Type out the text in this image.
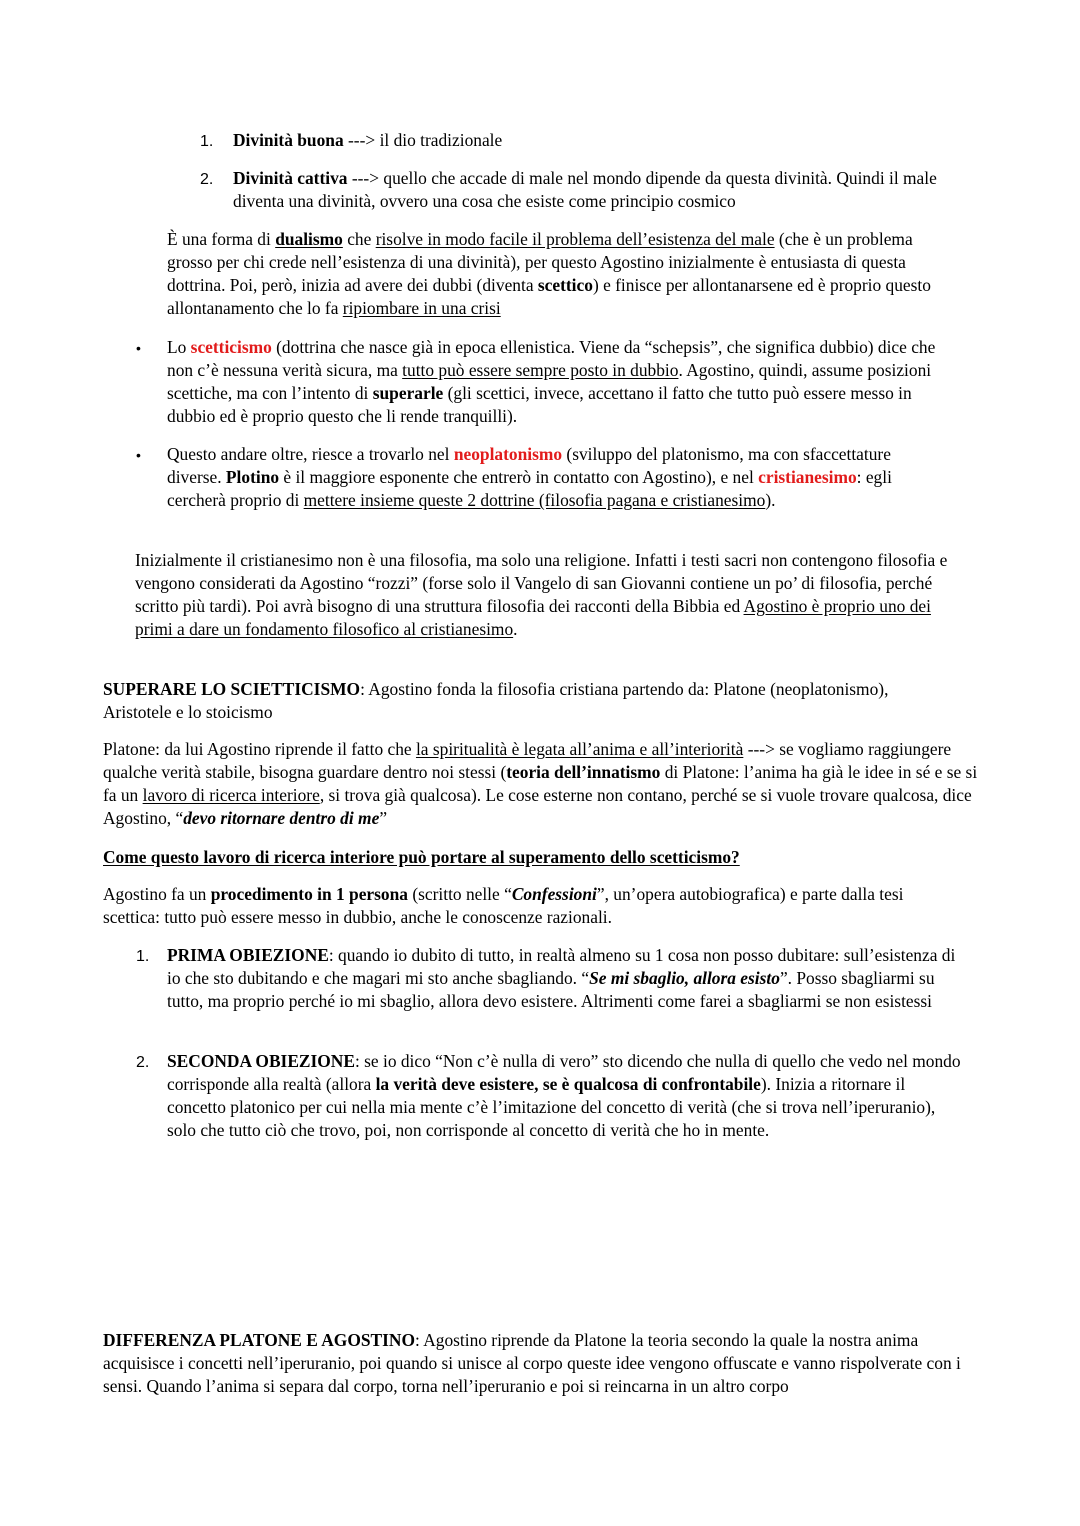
1. Divinità buona ---> il dio tradizionale

2. Divinità cattiva ---> quello che accade di male nel mondo dipende da questa divinità. Quindi il male diventa una divinità, ovvero una cosa che esiste come principio cosmico

È una forma di dualismo che risolve in modo facile il problema dell’esistenza del male (che è un problema grosso per chi crede nell’esistenza di una divinità), per questo Agostino inizialmente è entusiasta di questa dottrina. Poi, però, inizia ad avere dei dubbi (diventa scettico) e finisce per allontanarsene ed è proprio questo allontanamento che lo fa ripiombare in una crisi

• Lo scetticismo (dottrina che nasce già in epoca ellenistica. Viene da “schepsis”, che significa dubbio) dice che non c’è nessuna verità sicura, ma tutto può essere sempre posto in dubbio. Agostino, quindi, assume posizioni scettiche, ma con l’intento di superarle (gli scettici, invece, accettano il fatto che tutto può essere messo in dubbio ed è proprio questo che li rende tranquilli).

• Questo andare oltre, riesce a trovarlo nel neoplatonismo (sviluppo del platonismo, ma con sfaccettature diverse. Plotino è il maggiore esponente che entrerò in contatto con Agostino), e nel cristianesimo: egli cercherà proprio di mettere insieme queste 2 dottrine (filosofia pagana e cristianesimo).

Inizialmente il cristianesimo non è una filosofia, ma solo una religione. Infatti i testi sacri non contengono filosofia e vengono considerati da Agostino “rozzi” (forse solo il Vangelo di san Giovanni contiene un po’ di filosofia, perché scritto più tardi). Poi avrà bisogno di una struttura filosofia dei racconti della Bibbia ed Agostino è proprio uno dei primi a dare un fondamento filosofico al cristianesimo.

SUPERARE LO SCIETTICISMO: Agostino fonda la filosofia cristiana partendo da: Platone (neoplatonismo), Aristotele e lo stoicismo

Platone: da lui Agostino riprende il fatto che la spiritualità è legata all’anima e all’interiorità ---> se vogliamo raggiungere qualche verità stabile, bisogna guardare dentro noi stessi (teoria dell’innatismo di Platone: l’anima ha già le idee in sé e se si fa un lavoro di ricerca interiore, si trova già qualcosa). Le cose esterne non contano, perché se si vuole trovare qualcosa, dice Agostino, “devo ritornare dentro di me”

Come questo lavoro di ricerca interiore può portare al superamento dello scetticismo?

Agostino fa un procedimento in 1 persona (scritto nelle “Confessioni”, un’opera autobiografica) e parte dalla tesi scettica: tutto può essere messo in dubbio, anche le conoscenze razionali.

1. PRIMA OBIEZIONE: quando io dubito di tutto, in realtà almeno su 1 cosa non posso dubitare: sull’esistenza di io che sto dubitando e che magari mi sto anche sbagliando. “Se mi sbaglio, allora esisto”. Posso sbagliarmi su tutto, ma proprio perché io mi sbaglio, allora devo esistere. Altrimenti come farei a sbagliarmi se non esistessi

2. SECONDA OBIEZIONE: se io dico “Non c’è nulla di vero” sto dicendo che nulla di quello che vedo nel mondo corrisponde alla realtà (allora la verità deve esistere, se è qualcosa di confrontabile). Inizia a ritornare il concetto platonico per cui nella mia mente c’è l’imitazione del concetto di verità (che si trova nell’iperuranio), solo che tutto ciò che trovo, poi, non corrisponde al concetto di verità che ho in mente.

DIFFERENZA PLATONE E AGOSTINO: Agostino riprende da Platone la teoria secondo la quale la nostra anima acquisisce i concetti nell’iperuranio, poi quando si unisce al corpo queste idee vengono offuscate e vanno rispolverate con i sensi. Quando l’anima si separa dal corpo, torna nell’iperuranio e poi si reincarna in un altro corpo
